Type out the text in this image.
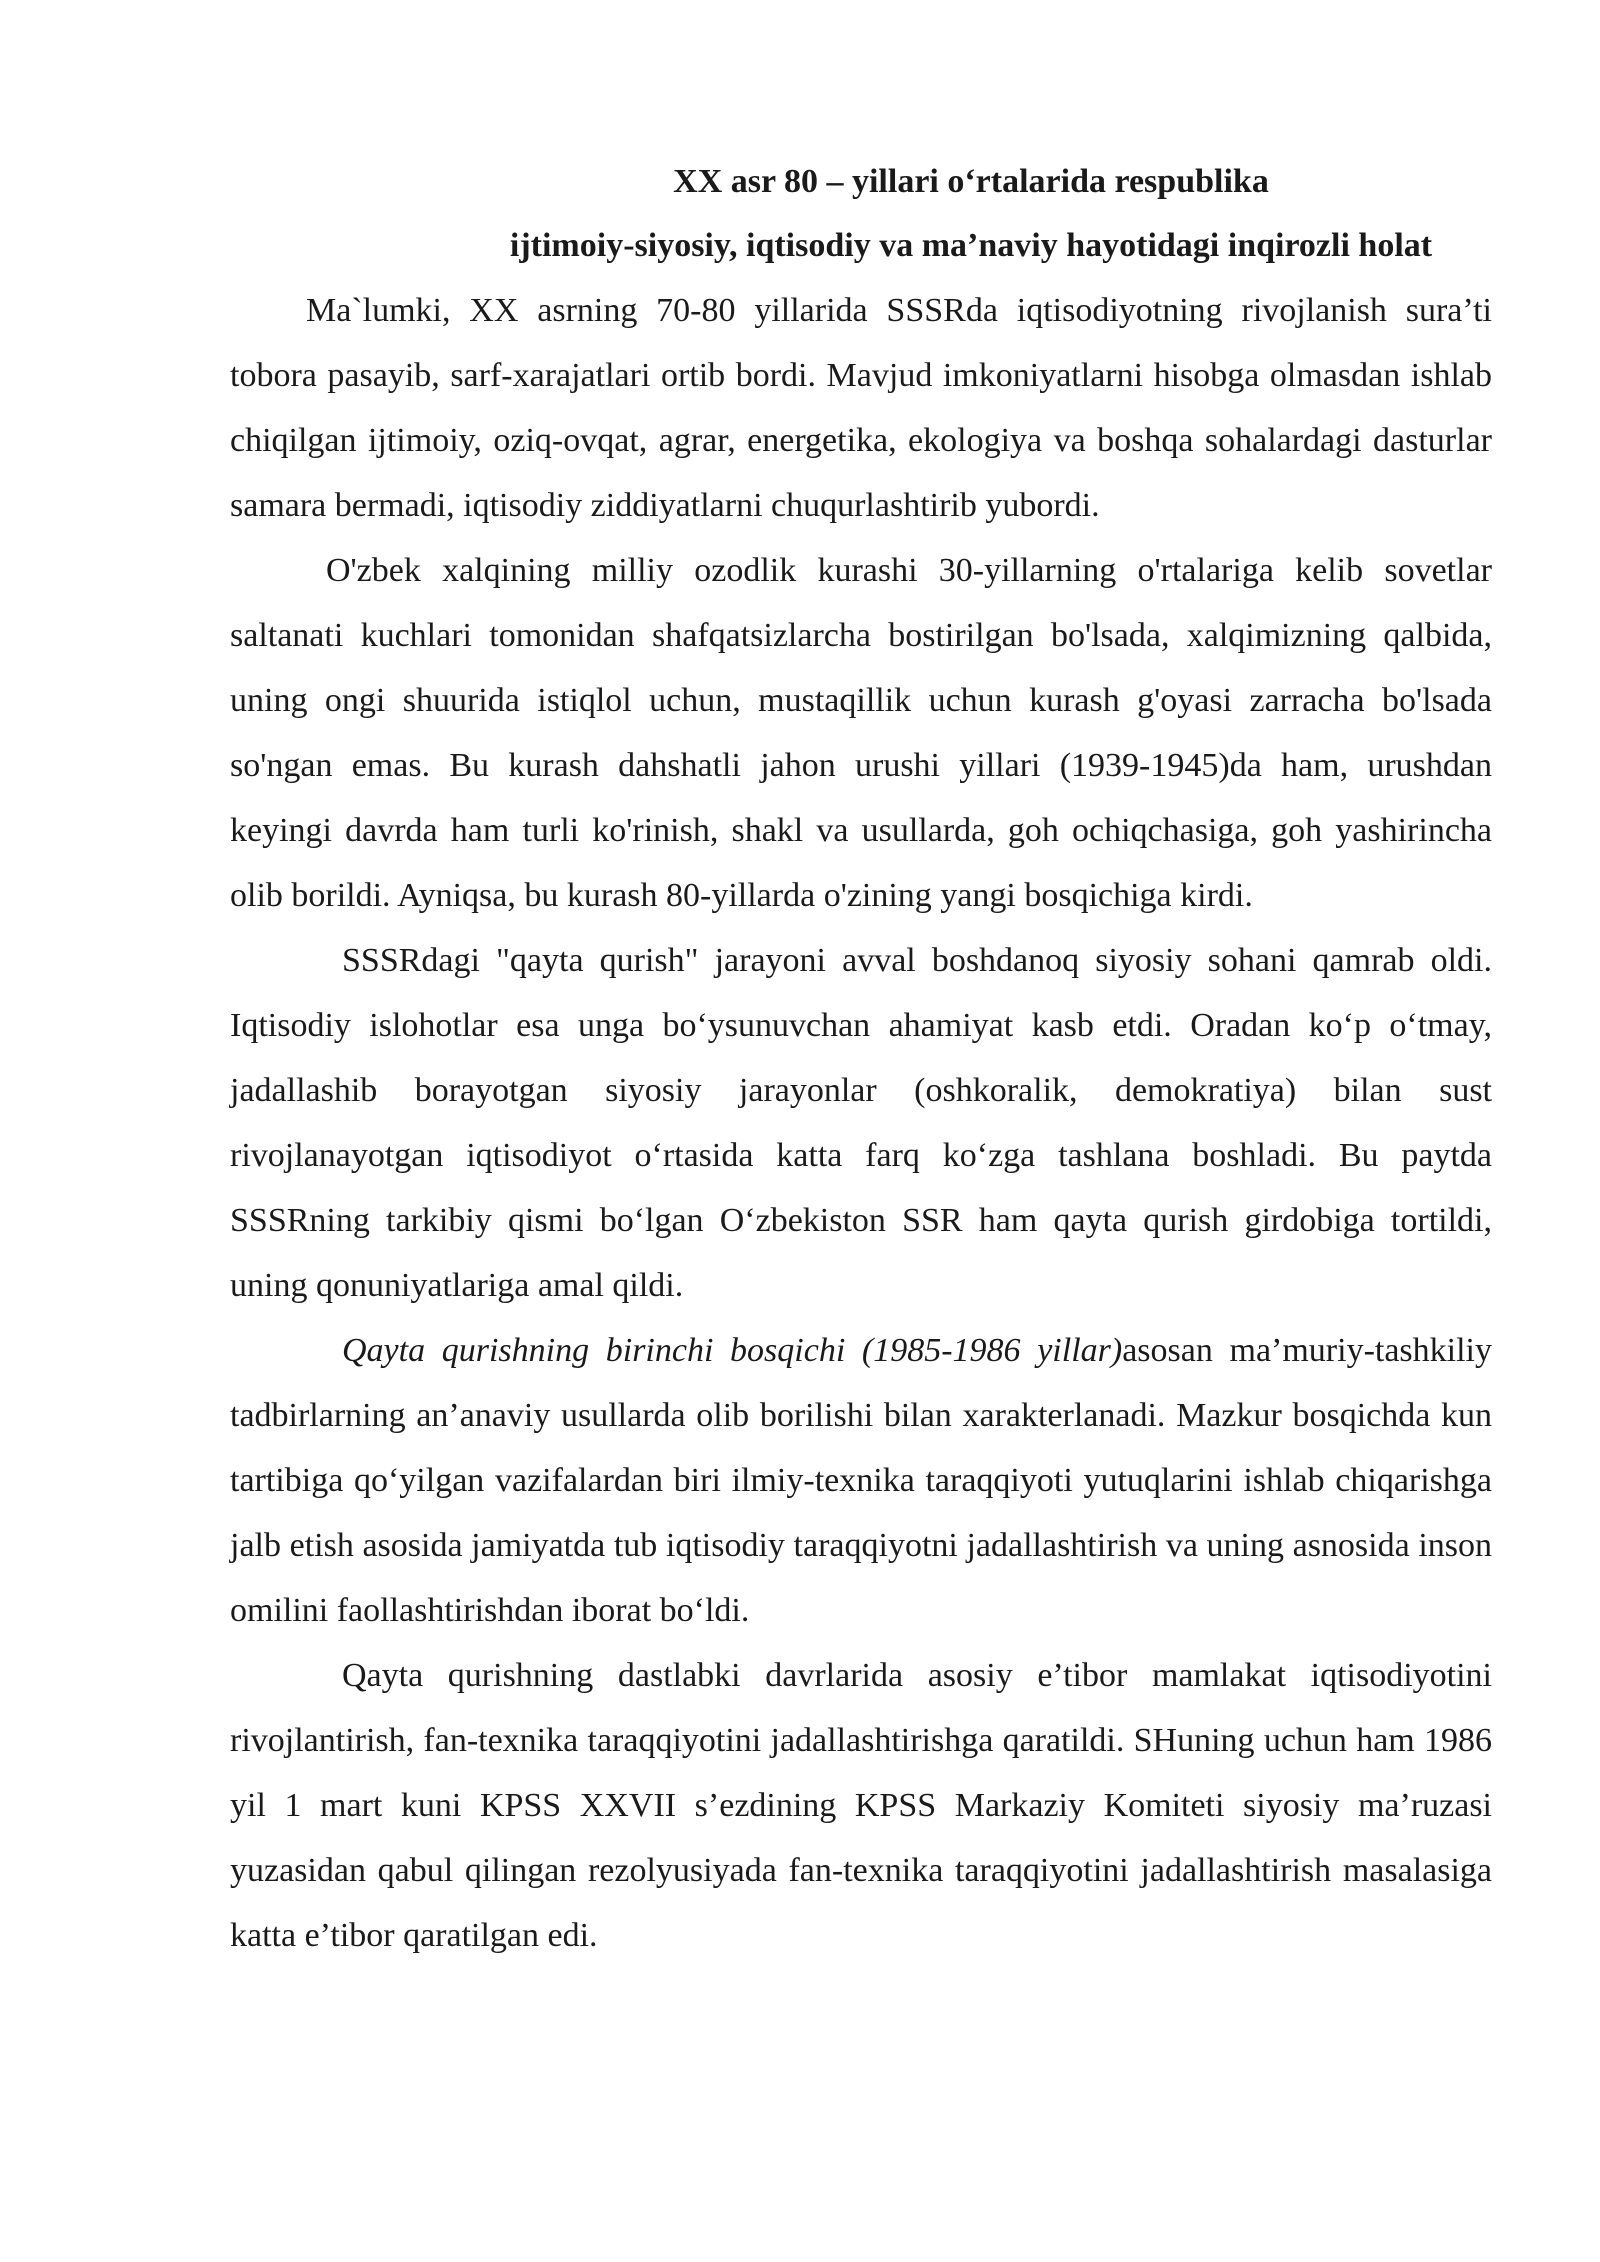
XX asr 80 – yillari o‘rtalarida respublika
ijtimoiy-siyosiy, iqtisodiy va ma’naviy hayotidagi inqirozli holat

Ma`lumki, XX asrning 70-80 yillarida SSSRda iqtisodiyotning rivojlanish sura’ti tobora pasayib, sarf-xarajatlari ortib bordi. Mavjud imkoniyatlarni hisobga olmasdan ishlab chiqilgan ijtimoiy, oziq-ovqat, agrar, energetika, ekologiya va boshqa sohalardagi dasturlar samara bermadi, iqtisodiy ziddiyatlarni chuqurlashtirib yubordi.

O'zbek xalqining milliy ozodlik kurashi 30-yillarning o'rtalariga kelib sovetlar saltanati kuchlari tomonidan shafqatsizlarcha bostirilgan bo'lsada, xalqimizning qalbida, uning ongi shuurida istiqlol uchun, mustaqillik uchun kurash g'oyasi zarracha bo'lsada so'ngan emas. Bu kurash dahshatli jahon urushi yillari (1939-1945)da ham, urushdan keyingi davrda ham turli ko'rinish, shakl va usullarda, goh ochiqchasiga, goh yashirincha olib borildi. Ayniqsa, bu kurash 80-yillarda o'zining yangi bosqichiga kirdi.

SSSRdagi "qayta qurish" jarayoni avval boshdanoq siyosiy sohani qamrab oldi. Iqtisodiy islohotlar esa unga bo‘ysunuvchan ahamiyat kasb etdi. Oradan ko‘p o‘tmay, jadallashib borayotgan siyosiy jarayonlar (oshkoralik, demokratiya) bilan sust rivojlanayotgan iqtisodiyot o‘rtasida katta farq ko‘zga tashlana boshladi. Bu paytda SSSRning tarkibiy qismi bo‘lgan O‘zbekiston SSR ham qayta qurish girdobiga tortildi, uning qonuniyatlariga amal qildi.

Qayta qurishning birinchi bosqichi (1985-1986 yillar)asosan ma’muriy-tashkiliy tadbirlarning an’anaviy usullarda olib borilishi bilan xarakterlanadi. Mazkur bosqichda kun tartibiga qo‘yilgan vazifalardan biri ilmiy-texnika taraqqiyoti yutuqlarini ishlab chiqarishga jalb etish asosida jamiyatda tub iqtisodiy taraqqiyotni jadallashtirish va uning asnosida inson omilini faollashtirishdan iborat bo‘ldi.

Qayta qurishning dastlabki davrlarida asosiy e’tibor mamlakat iqtisodiyotini rivojlantirish, fan-texnika taraqqiyotini jadallashtirishga qaratildi. SHuning uchun ham 1986 yil 1 mart kuni KPSS XXVII s’ezdining KPSS Markaziy Komiteti siyosiy ma’ruzasi yuzasidan qabul qilingan rezolyusiyada fan-texnika taraqqiyotini jadallashtirish masalasiga katta e’tibor qaratilgan edi.
